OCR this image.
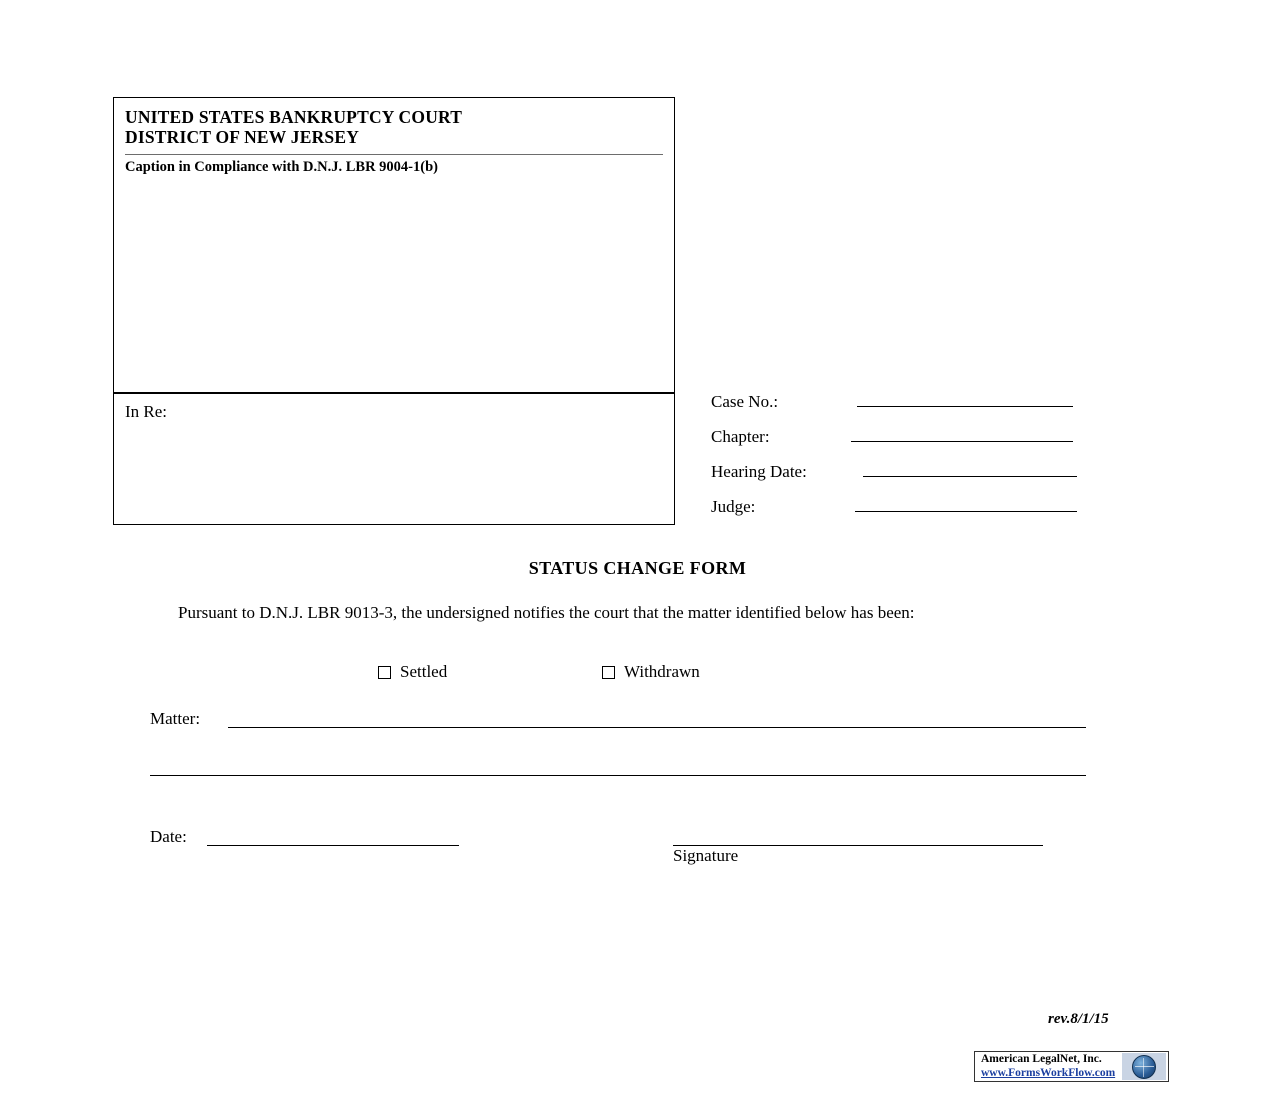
UNITED STATES BANKRUPTCY COURT
DISTRICT OF NEW JERSEY
Caption in Compliance with D.N.J. LBR 9004-1(b)
In Re:
Case No.:
Chapter:
Hearing Date:
Judge:
STATUS CHANGE FORM
Pursuant to D.N.J. LBR 9013-3, the undersigned notifies the court that the matter identified below has been:
Settled	Withdrawn
Matter:
Date:
Signature
rev.8/1/15
American LegalNet, Inc.
www.FormsWorkFlow.com
